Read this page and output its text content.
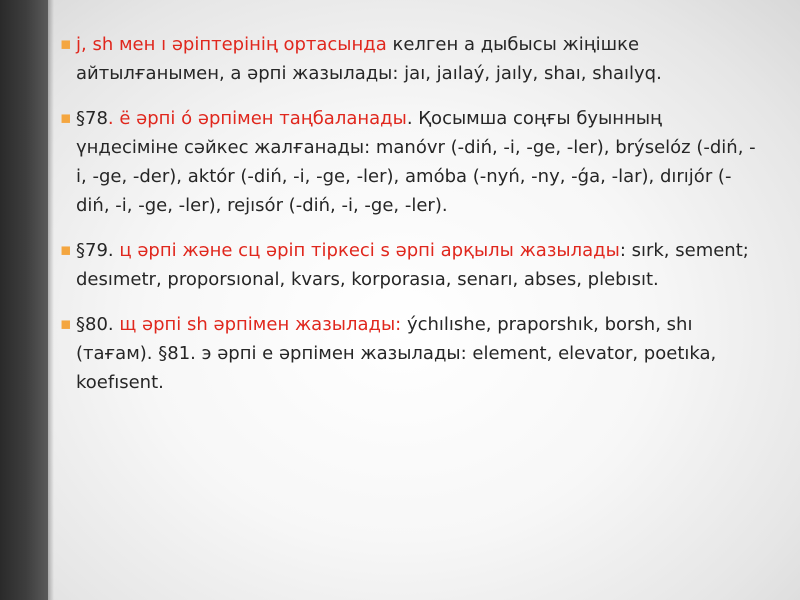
▪ j, sh мен ı әріптерінің ортасында келген а дыбысы жіңішке айтылғанымен, а әрпі жазылады: jaı, jaılaý, jaıly, shaı, shaılyq.

▪ §78. ё әрпі ó әрпімен таңбаланады. Қосымша соңғы буынның үндесіміне сәйкес жалғанады: manóvr (-diń, -i, -ge, -ler), brýselóz (-diń, -i, -ge, -der), aktór (-diń, -i, -ge, -ler), amóba (-nyń, -ny, -ǵa, -lar), dırıjór (-diń, -i, -ge, -ler), rejısór (-diń, -i, -ge, -ler).

▪ §79. ц әрпі және сц әріп тіркесі s әрпі арқылы жазылады: sırk, sement; desımetr, proporsıonal, kvars, korporasıa, senarı, abses, plebısıt.

▪ §80. щ әрпі sh әрпімен жазылады: ýchılıshe, praporshık, borsh, shı (тағам). §81. э әрпі е әрпімен жазылады: element, elevator, poetıka, koefısent.
